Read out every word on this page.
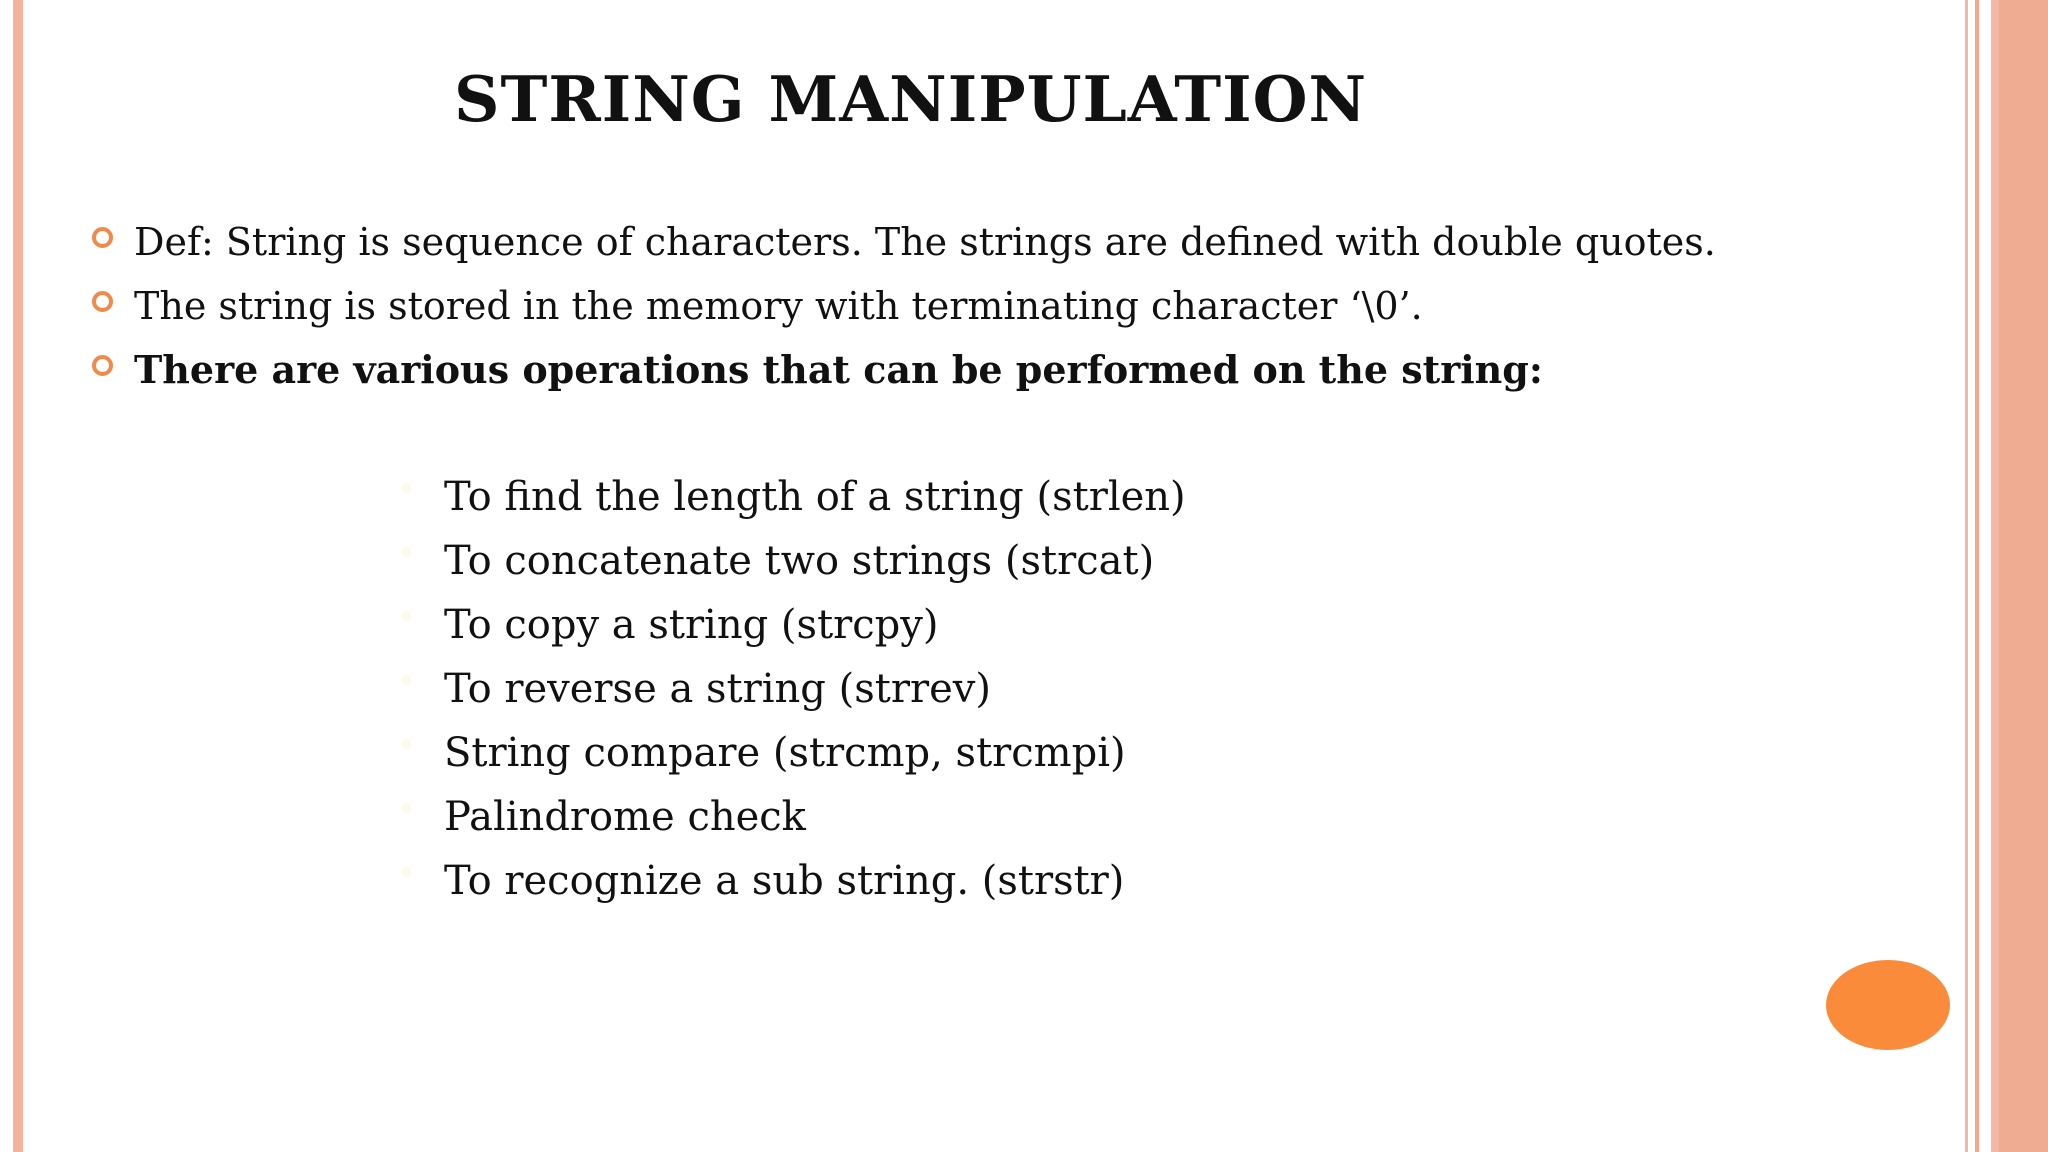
STRING MANIPULATION
Def: String is sequence of characters. The strings are defined with double quotes.
The string is stored in the memory with terminating character ‘\0’.
There are various operations that can be performed on the string:
To find the length of a string (strlen)
To concatenate two strings (strcat)
To copy a string (strcpy)
To reverse a string (strrev)
String compare (strcmp, strcmpi)
Palindrome check
To recognize a sub string. (strstr)
